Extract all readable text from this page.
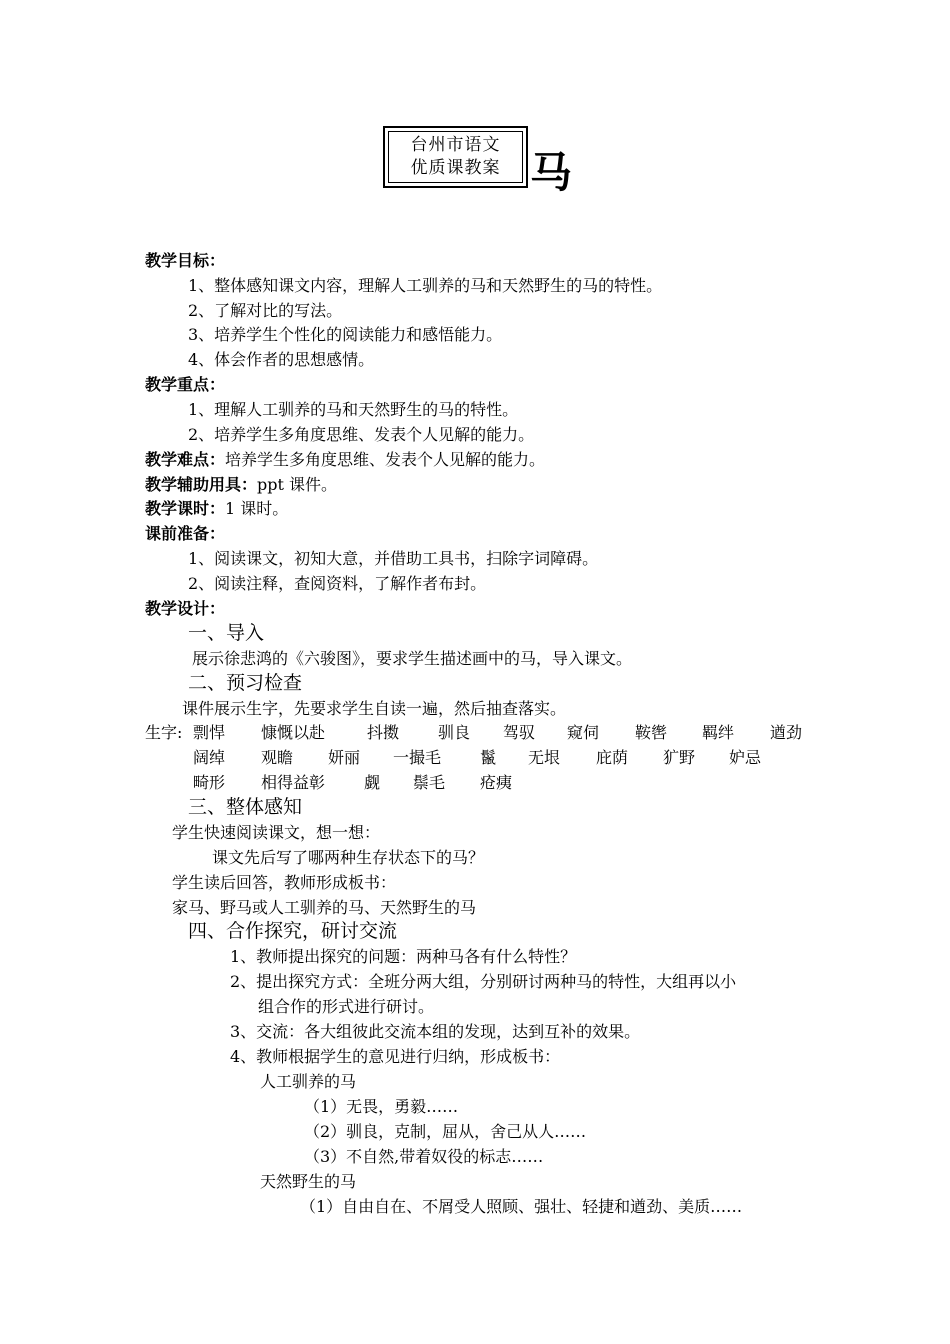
台州市语文
优质课教案 马
教学目标：
1、整体感知课文内容，理解人工驯养的马和天然野生的马的特性。
2、了解对比的写法。
3、培养学生个性化的阅读能力和感悟能力。
4、体会作者的思想感情。
教学重点：
1、理解人工驯养的马和天然野生的马的特性。
2、培养学生多角度思维、发表个人见解的能力。
教学难点：培养学生多角度思维、发表个人见解的能力。
教学辅助用具：ppt 课件。
教学课时：1 课时。
课前准备：
1、阅读课文，初知大意，并借助工具书，扫除字词障碍。
2、阅读注释，查阅资料，了解作者布封。
教学设计：
一、导入
展示徐悲鸿的《六骏图》，要求学生描述画中的马，导入课文。
二、预习检查
课件展示生字，先要求学生自读一遍，然后抽查落实。
生字: 剽悍 慷慨以赴	抖擞 驯良 驾驭 窥伺 鞍辔 羁绊 遒劲
阔绰 观瞻 妍丽 一撮毛 鬣 无垠 庇荫 犷野 妒忌
畸形 相得益彰 觑 鬃毛 疮痍
三、整体感知
学生快速阅读课文，想一想：
课文先后写了哪两种生存状态下的马？
学生读后回答，教师形成板书：
家马、野马或人工驯养的马、天然野生的马
四、合作探究，研讨交流
1、教师提出探究的问题：两种马各有什么特性？
2、提出探究方式：全班分两大组，分别研讨两种马的特性，大组再以小
组合作的形式进行研讨。
3、交流：各大组彼此交流本组的发现，达到互补的效果。
4、教师根据学生的意见进行归纳，形成板书：
人工驯养的马
（1）无畏，勇毅……
（2）驯良，克制，屈从，舍己从人……
（3）不自然,带着奴役的标志……
天然野生的马
（1）自由自在、不屑受人照顾、强壮、轻捷和遒劲、美质……
